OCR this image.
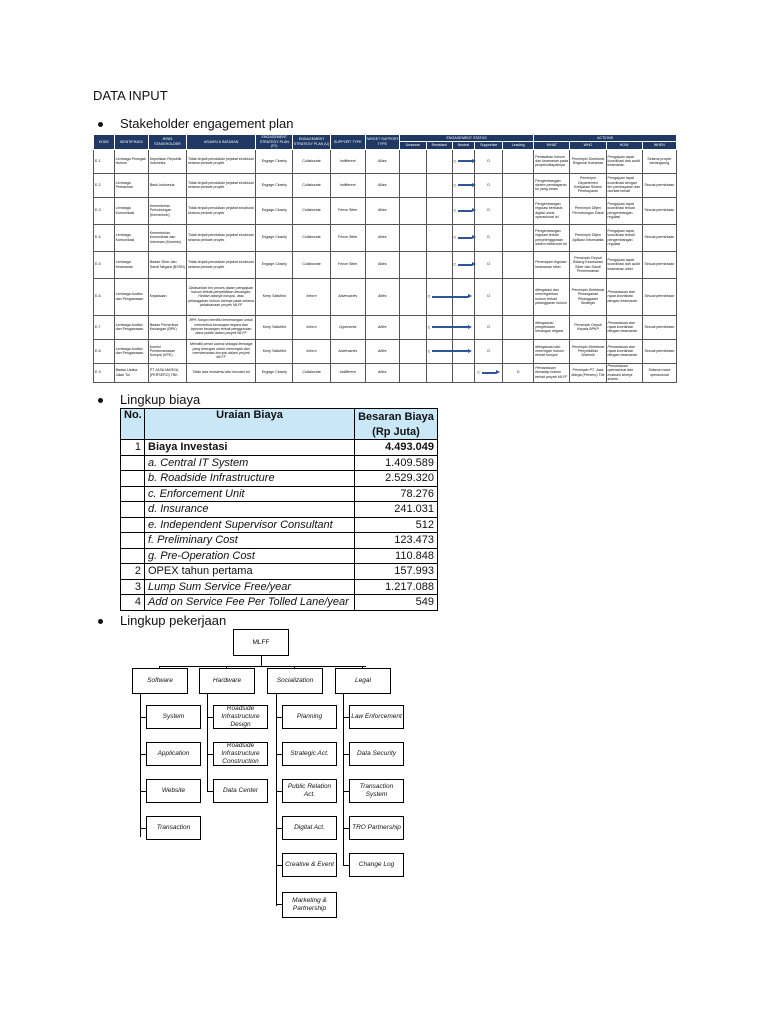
DATA INPUT
Stakeholder engagement plan
KODE	IDENTIFIKASI	JENIS STAKEHOLDER	ASUMSI & BATASAN	ENGAGEMENT STRATEGY PLAN (P.I)	ENGAGEMENT STRATEGY PLAN (U)	SUPPORT TYPE	TARGET SUPPORT TYPE	ENGAGEMENT STATUS					ACTIONS			
								Unaware	Resistant	Neutral	Supportive	Leading	WHAT	WHO	HOW	WHEN
E-1	Lembaga Penegak Hukum	Kepolisian Republik Indonesia	Tidak terjadi penolakan pejabat struktural selama periode proyek	Engage Closely	Collaborate	Indifferent	Allies			C	D		Pemisahan hukum dan keamanan pada proyek/wilayahnya	Pemimpin Direktorat Regional Korlantas	Pengajuan rapat koordinasi dan audit keamanan	Selama proyek berlangsung
E-2	Lembaga Perbankan	Bank Indonesia	Tidak terjadi penolakan pejabat struktural selama periode proyek	Engage Closely	Collaborate	Indifferent	Allies			C	D		Pengembangan sistem pembayaran tol yang aman	Pemimpin Departemen Kebijakan Sistem Pembayaran	Pengajuan rapat koordinasi dengan tim pembayaran dan otoritas terkait	Sesuai permintaan
E-3	Lembaga Komunikasi	Kementerian Perhubungan (Kemenhub)	Tidak terjadi penolakan pejabat struktural selama periode proyek	Engage Closely	Collaborate	Fence Sitter	Allies			C	D		Pengembangan regulasi berbasis digital untuk operasional tol	Pemimpin Ditjen Perhubungan Darat	Pengajuan rapat koordinasi terkait pengembangan regulasi	Sesuai permintaan
E-4	Lembaga Komunikasi	Kementerian Komunikasi dan Informasi (Kominfo)	Tidak terjadi penolakan pejabat struktural selama periode proyek	Engage Closely	Collaborate	Fence Sitter	Allies			C	D		Pengembangan regulasi terkait penyelenggaraan sistem elektronik tol	Pemimpin Ditjen Aplikasi Informatika	Pengajuan rapat koordinasi terkait pengembangan regulasi	Sesuai permintaan
E-5	Lembaga Keamanan	Badan Siber dan Sandi Negara (BSSN)	Tidak terjadi penolakan pejabat struktural selama periode proyek	Engage Closely	Collaborate	Fence Sitter	Allies			C	D		Penerapan regulasi keamanan siber	Pemimpin Deputi Bidang Keamanan Siber dan Sandi Pemerintahan	Pengajuan rapat koordinasi dan audit keamanan siber	Sesuai permintaan
E-6	Lembaga Auditor dan Pengawasan	Kejaksaan	Didasarkan tim proses dalam pengajuan hukum terkait penyelidikan keuangan, Hindari adanya korupsi, atau pelanggaran hukum lainnya pada selama pelaksanaan proyek MLFF	Keep Satisfied	Inform	Adversaries	Allies		C		D		Mengatasi dan mencegahkan hukum terkait pelanggaran hukum	Pemimpin Direktorat Penanganan Pelanggaran Strategis	Pemantauan dan rapat koordinasi dengan keamanan	Sesuai permintaan
E-7	Lembaga Auditor dan Pengawasan	Badan Pemeriksa Keuangan (BPK)	BPK hanya memiliki kewenangan untuk memeriksa keuangan negara dan laporan keuangan terkait penggunaan dana publik dalam proyek MLFF	Keep Satisfied	Inform	Opponents	Allies		C		D		Mengawasi pengelolaan keuangan negara	Pemimpin Deputi Kepala BPKP	Pemantauan dan rapat koordinasi dengan keamanan	Sesuai permintaan
E-8	Lembaga Auditor dan Pengawasan	Komisi Pemberantasan Korupsi (KPK)	Memiliki peran utama sebagai lembaga yang bertugas untuk mencegah dan memberantas korupsi dalam proyek MLFF	Keep Satisfied	Inform	Adversaries	Allies		C		D		Mengawasi dan mencegah hukum terkait korupsi	Pemimpin Direktorat Penyelidikan Sistemik	Pemantauan dan rapat koordinasi dengan keamanan	Sesuai permintaan
E-9	Badan Usaha Jalan Tol	PT JASA MARGA (PERSERO) TBK	Tidak ada resistensi dari inovator tol	Engage Closely	Collaborate	Indifferent	Allies				C	D	Pemantauan terhadap hukum terkait proyek MLFF	Pemimpin PT. Jasa Marga (Persero) Tbk	Pemantauan operasional dan evaluasi kinerja sistem	Selama masa operasional
Lingkup biaya
No.	Uraian Biaya	Besaran Biaya
		(Rp Juta)
1	Biaya Investasi	4.493.049
	a. Central IT System	1.409.589
	b. Roadside Infrastructure	2.529.320
	c. Enforcement Unit	78.276
	d. Insurance	241.031
	e. Independent Supervisor Consultant	512
	f. Preliminary Cost	123.473
	g. Pre-Operation Cost	110.848
2	OPEX tahun pertama	157.993
3	Lump Sum Service Free/year	1.217.088
4	Add on Service Fee Per Tolled Lane/year	549
Lingkup pekerjaan
MLFF
Software	Hardware	Socialization	Legal
System
Application
Website
Transaction
Roadside Infrastructure Design
Roadside Infrastructure Construction
Data Center
Planning
Strategic Act.
Public Relation Act.
Digital Act.
Creative & Event
Marketing & Partnership
Law Enforcement
Data Security
Transaction System
TRO Partnership
Change Log
